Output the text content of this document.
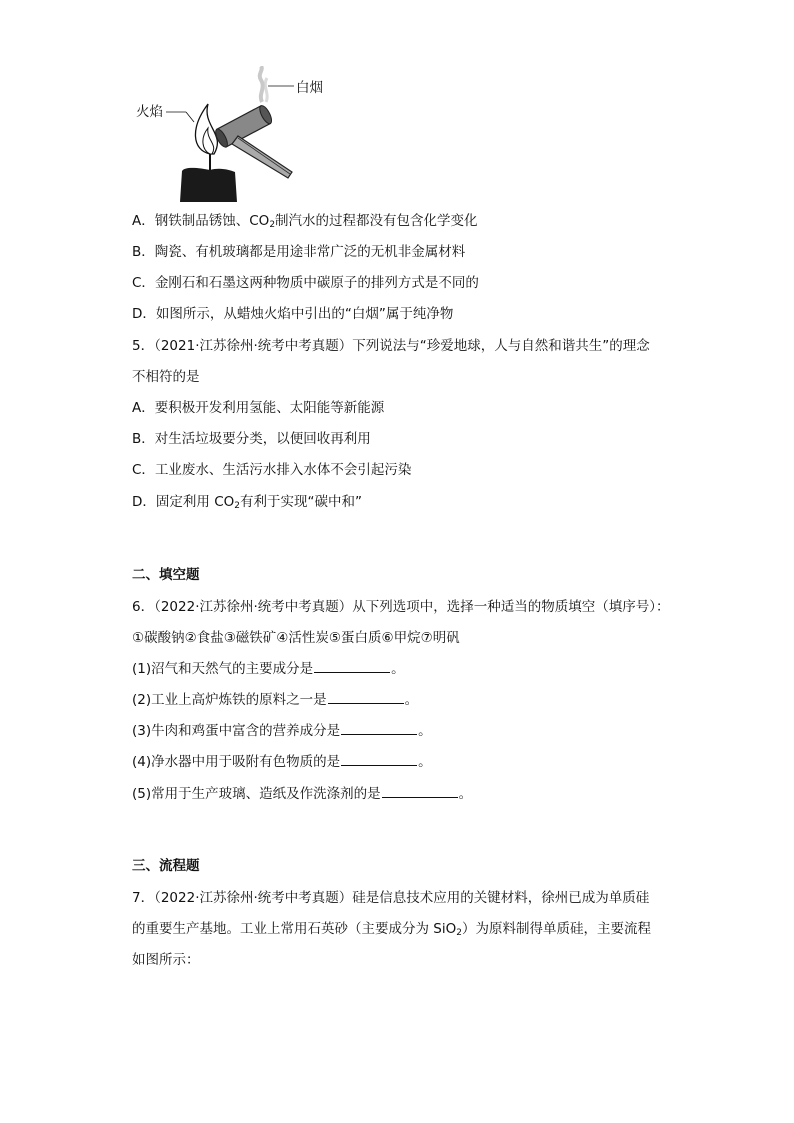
火焰
白烟
A．钢铁制品锈蚀、$CO_2$制汽水的过程都没有包含化学变化
B．陶瓷、有机玻璃都是用途非常广泛的无机非金属材料
C．金刚石和石墨这两种物质中碳原子的排列方式是不同的
D．如图所示，从蜡烛火焰中引出的“白烟”属于纯净物
5．（2021·江苏徐州·统考中考真题）下列说法与“珍爱地球，人与自然和谐共生”的理念
不相符的是
A．要积极开发利用氢能、太阳能等新能源
B．对生活垃圾要分类，以便回收再利用
C．工业废水、生活污水排入水体不会引起污染
D．固定利用 $CO_2$有利于实现“碳中和”
二、填空题
6．（2022·江苏徐州·统考中考真题）从下列选项中，选择一种适当的物质填空（填序号）：
①碳酸钠②食盐③磁铁矿④活性炭⑤蛋白质⑥甲烷⑦明矾
(1)沼气和天然气的主要成分是	。
(2)工业上高炉炼铁的原料之一是	。
(3)牛肉和鸡蛋中富含的营养成分是	。
(4)净水器中用于吸附有色物质的是	。
(5)常用于生产玻璃、造纸及作洗涤剂的是	。
三、流程题
7．（2022·江苏徐州·统考中考真题）硅是信息技术应用的关键材料，徐州已成为单质硅
的重要生产基地。工业上常用石英砂（主要成分为 SiO$_2$）为原料制得单质硅，主要流程
如图所示：
